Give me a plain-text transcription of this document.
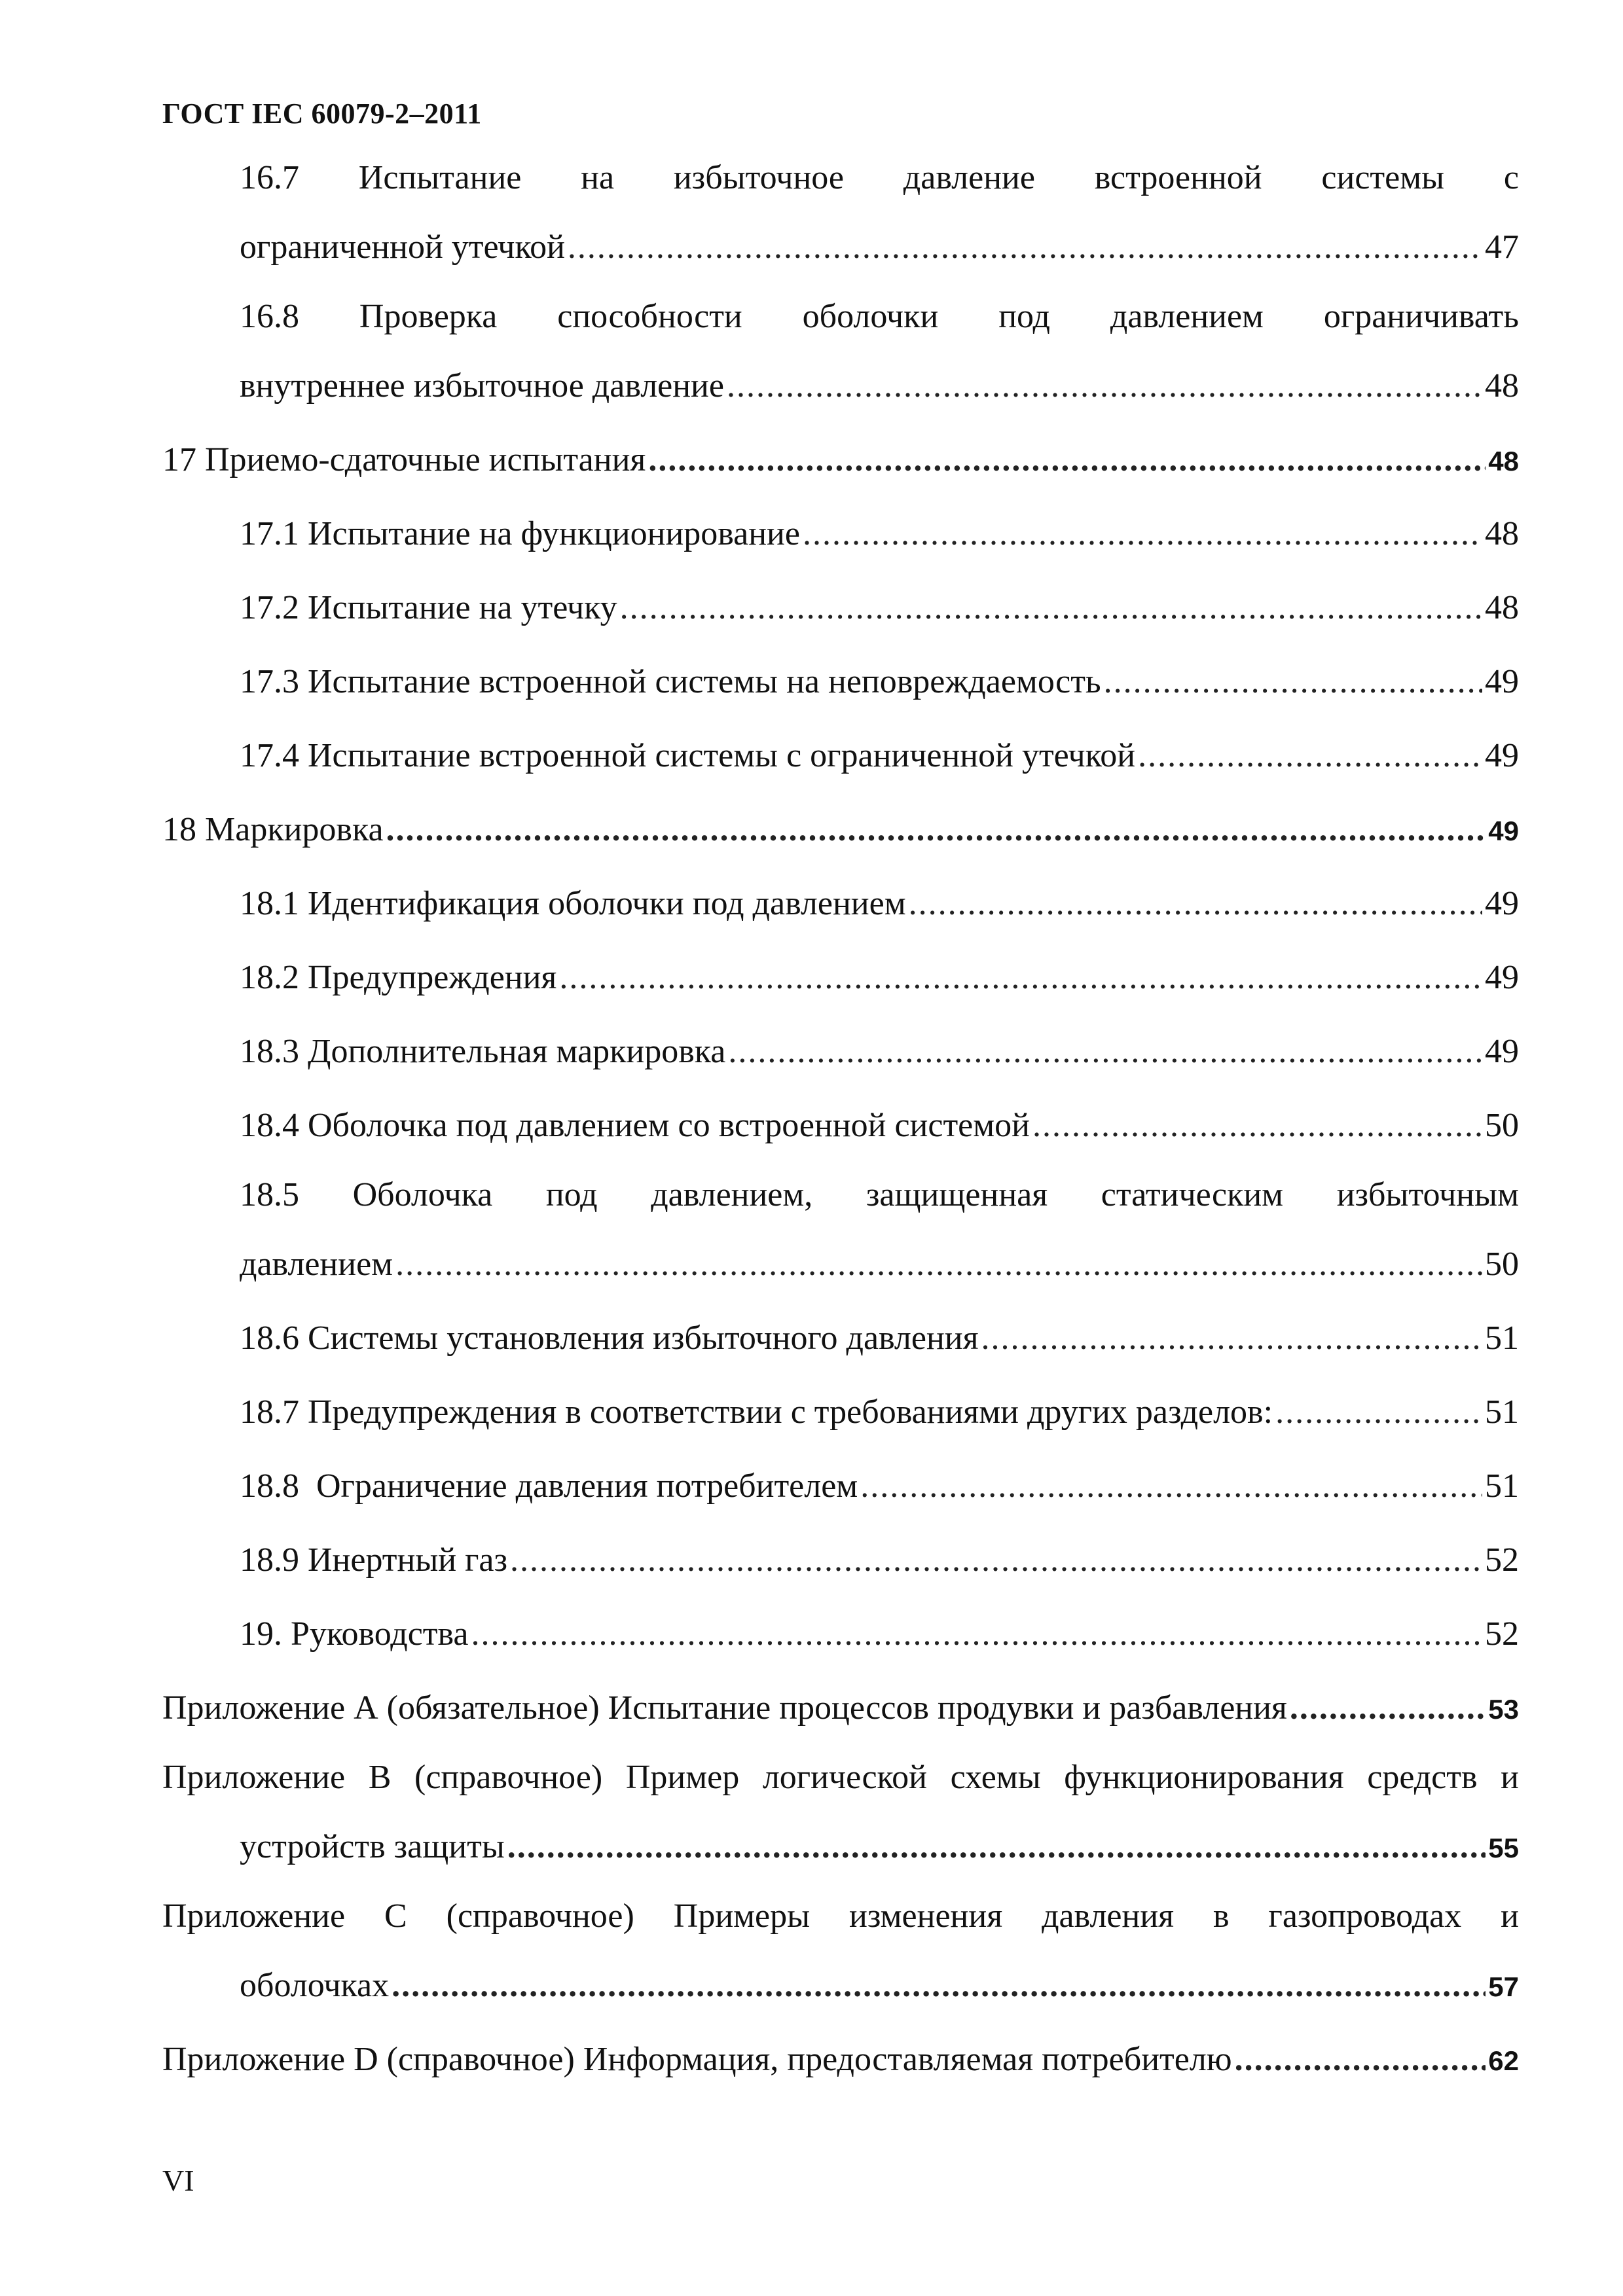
ГОСТ IEC 60079-2–2011
16.7 Испытание на избыточное давление встроенной системы с
ограниченной утечкой .....	47
16.8 Проверка способности оболочки под давлением ограничивать
внутреннее избыточное давление .....	48
17 Приемо-сдаточные испытания .....	48
17.1 Испытание на функционирование .....	48
17.2 Испытание на утечку .....	48
17.3 Испытание встроенной системы на неповреждаемость .....	49
17.4 Испытание встроенной системы с ограниченной утечкой .....	49
18 Маркировка .....	49
18.1 Идентификация оболочки под давлением .....	49
18.2 Предупреждения .....	49
18.3 Дополнительная маркировка .....	49
18.4 Оболочка под давлением со встроенной системой .....	50
18.5 Оболочка под давлением, защищенная статическим избыточным
давлением .....	50
18.6 Системы установления избыточного давления .....	51
18.7 Предупреждения в соответствии с требованиями других разделов: .....	51
18.8  Ограничение давления потребителем .....	51
18.9 Инертный газ .....	52
19. Руководства .....	52
Приложение А (обязательное) Испытание процессов продувки и разбавления .....	53
Приложение В (справочное) Пример логической схемы функционирования средств и
устройств защиты .....	55
Приложение С (справочное) Примеры изменения давления в газопроводах и
оболочках .....	57
Приложение D (справочное) Информация, предоставляемая потребителю .....	62
VI
